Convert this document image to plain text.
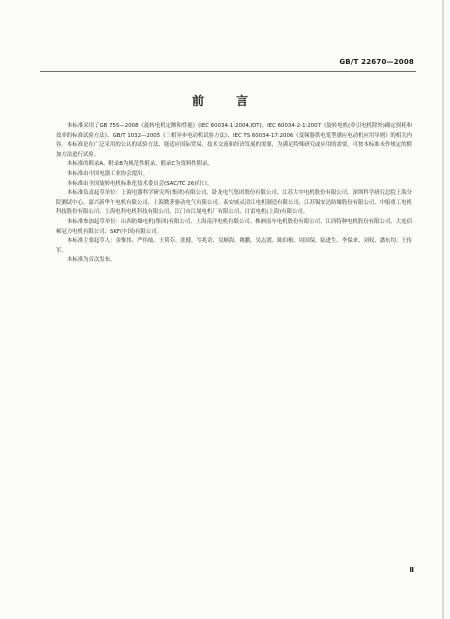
GB/T 22670—2008
前　言

本标准采用了GB 755—2008《旋转电机定额和性能》(IEC 60034-1:2004,IDT)、IEC 60034-2-1:2007《旋转电机(牵引电机除外)确定损耗和效率的标准试验方法》、GB/T 1032—2005《三相异步电动机试验方法》、IEC TS 60034-17:2006《变频器供电笼型感应电动机应用导则》的相关内容。本标准是在广泛采用的公认的试验方法、能适应国际贸易、技术交流和经济发展的需要，为满足特殊研究或应用的需要，可按本标准未作规定的附加方法进行试验。

本标准的附录A、附录B为规范性附录，附录C为资料性附录。

本标准由中国电器工业协会提出。

本标准由全国旋转电机标准化技术委员会(SAC/TC 26)归口。

本标准负责起草单位：上海电器科学研究所(集团)有限公司、卧龙电气集团股份有限公司、江苏大中电机股份有限公司、深圳科学研究总院上海分院测试中心、嘉兴新华午电机有限公司、上海微茅驱动电气有限公司、泰安威灵清江电机制造有限公司、江苏锡安达防爆股份有限公司、中船重工电机科技股份有限公司、上海电科电机科技有限公司、江门市江晟电机厂有限公司、日雷电机(上海)有限公司。

本标准参加起草单位：山西防爆电机(集团)有限公司、上海南洋电机有限公司、株洲南车电机股份有限公司、江西特种电机股份有限公司、大连佰顿冠力电机有限公司、SKF(中国)有限公司。

本标准主要起草人：金惟伟、严伟灿、王荷芬、张健、岑兆奇、吴顺海、姚鹏、吴志渡、陈伯根、周国保、陆进生、李保来、刘权、潘东均、王传军。

本标准为首次发布。

Ⅱ
